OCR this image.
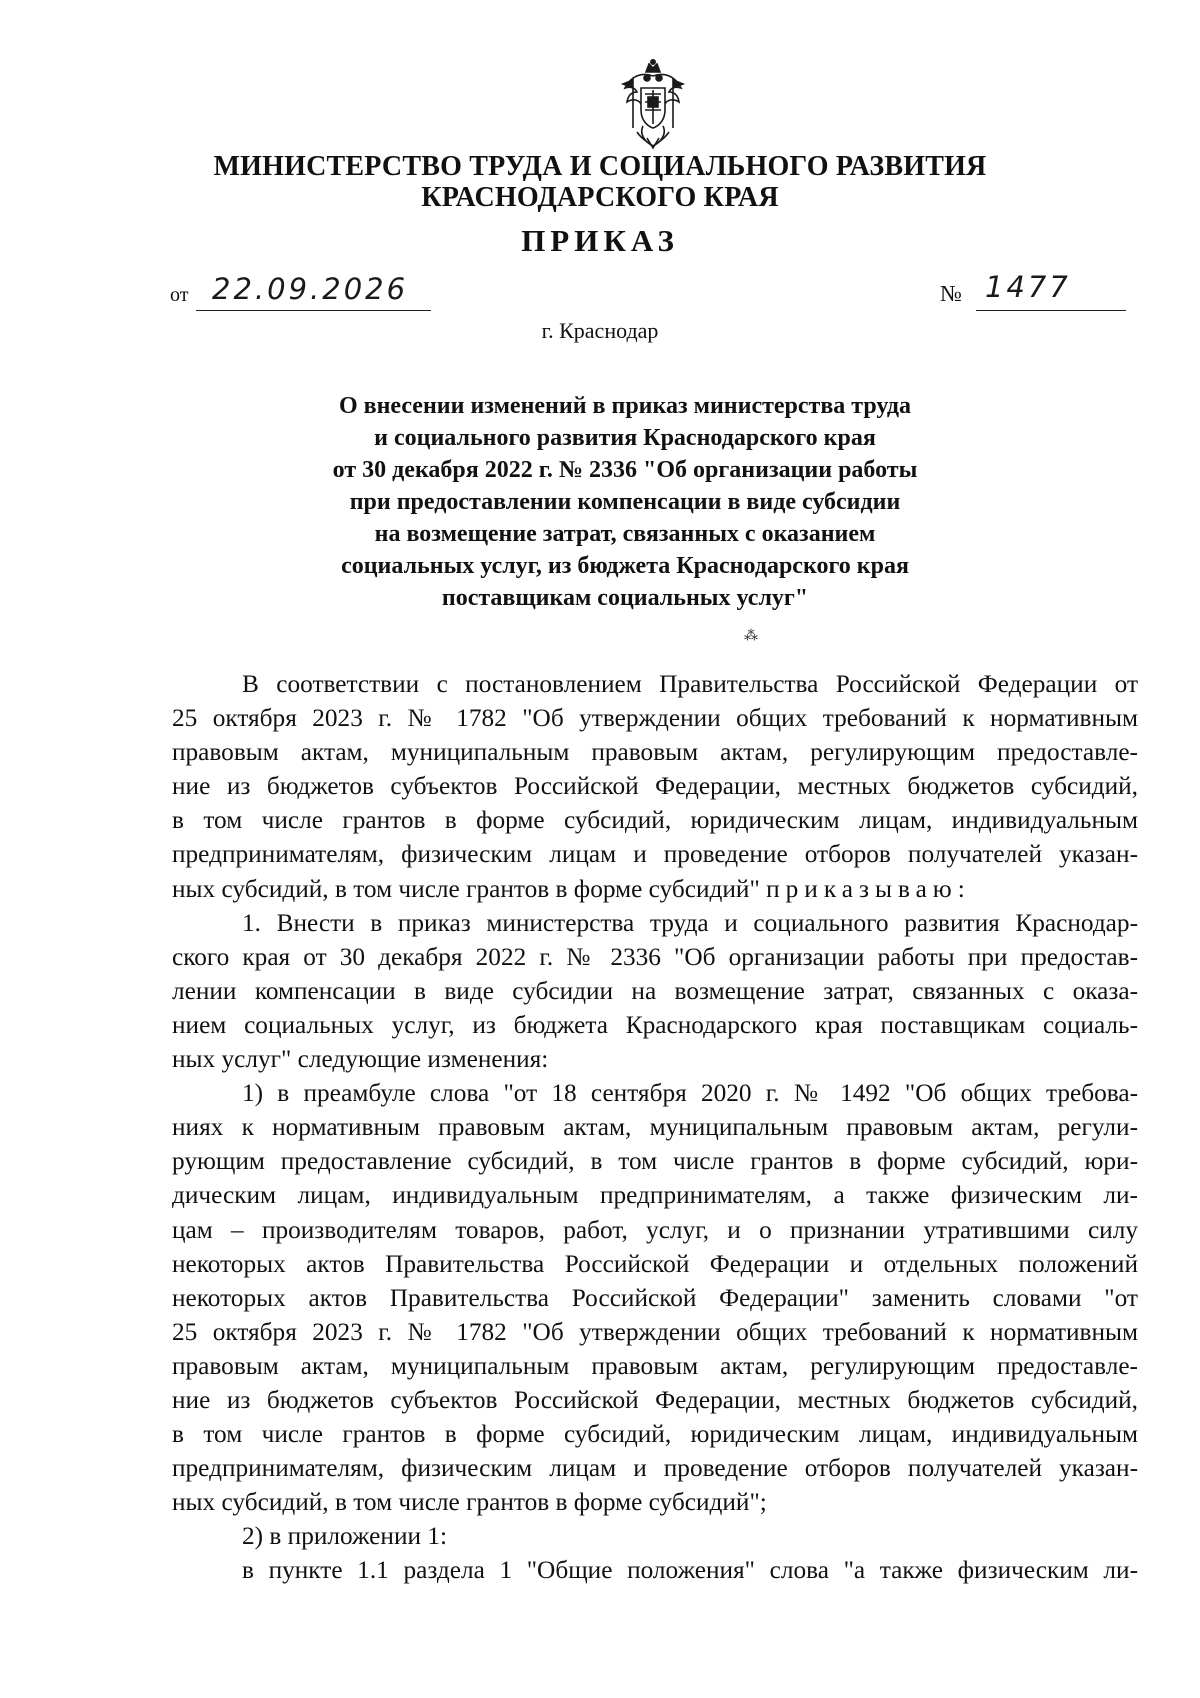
МИНИСТЕРСТВО ТРУДА И СОЦИАЛЬНОГО РАЗВИТИЯ
КРАСНОДАРСКОГО КРАЯ
ПРИКАЗ
от 22.09.2026	№ 1477
г. Краснодар
О внесении изменений в приказ министерства труда
и социального развития Краснодарского края
от 30 декабря 2022 г. № 2336 "Об организации работы
при предоставлении компенсации в виде субсидии
на возмещение затрат, связанных с оказанием
социальных услуг, из бюджета Краснодарского края
поставщикам социальных услуг"
⁂
В соответствии с постановлением Правительства Российской Федерации от
25 октября 2023 г. № 1782 "Об утверждении общих требований к нормативным
правовым актам, муниципальным правовым актам, регулирующим предоставле-
ние из бюджетов субъектов Российской Федерации, местных бюджетов субсидий,
в том числе грантов в форме субсидий, юридическим лицам, индивидуальным
предпринимателям, физическим лицам и проведение отборов получателей указан-
ных субсидий, в том числе грантов в форме субсидий" приказываю:
1. Внести в приказ министерства труда и социального развития Краснодар-
ского края от 30 декабря 2022 г. № 2336 "Об организации работы при предостав-
лении компенсации в виде субсидии на возмещение затрат, связанных с оказа-
нием социальных услуг, из бюджета Краснодарского края поставщикам социаль-
ных услуг" следующие изменения:
1) в преамбуле слова "от 18 сентября 2020 г. № 1492 "Об общих требова-
ниях к нормативным правовым актам, муниципальным правовым актам, регули-
рующим предоставление субсидий, в том числе грантов в форме субсидий, юри-
дическим лицам, индивидуальным предпринимателям, а также физическим ли-
цам – производителям товаров, работ, услуг, и о признании утратившими силу
некоторых актов Правительства Российской Федерации и отдельных положений
некоторых актов Правительства Российской Федерации" заменить словами "от
25 октября 2023 г. № 1782 "Об утверждении общих требований к нормативным
правовым актам, муниципальным правовым актам, регулирующим предоставле-
ние из бюджетов субъектов Российской Федерации, местных бюджетов субсидий,
в том числе грантов в форме субсидий, юридическим лицам, индивидуальным
предпринимателям, физическим лицам и проведение отборов получателей указан-
ных субсидий, в том числе грантов в форме субсидий";
2) в приложении 1:
в пункте 1.1 раздела 1 "Общие положения" слова "а также физическим ли-
